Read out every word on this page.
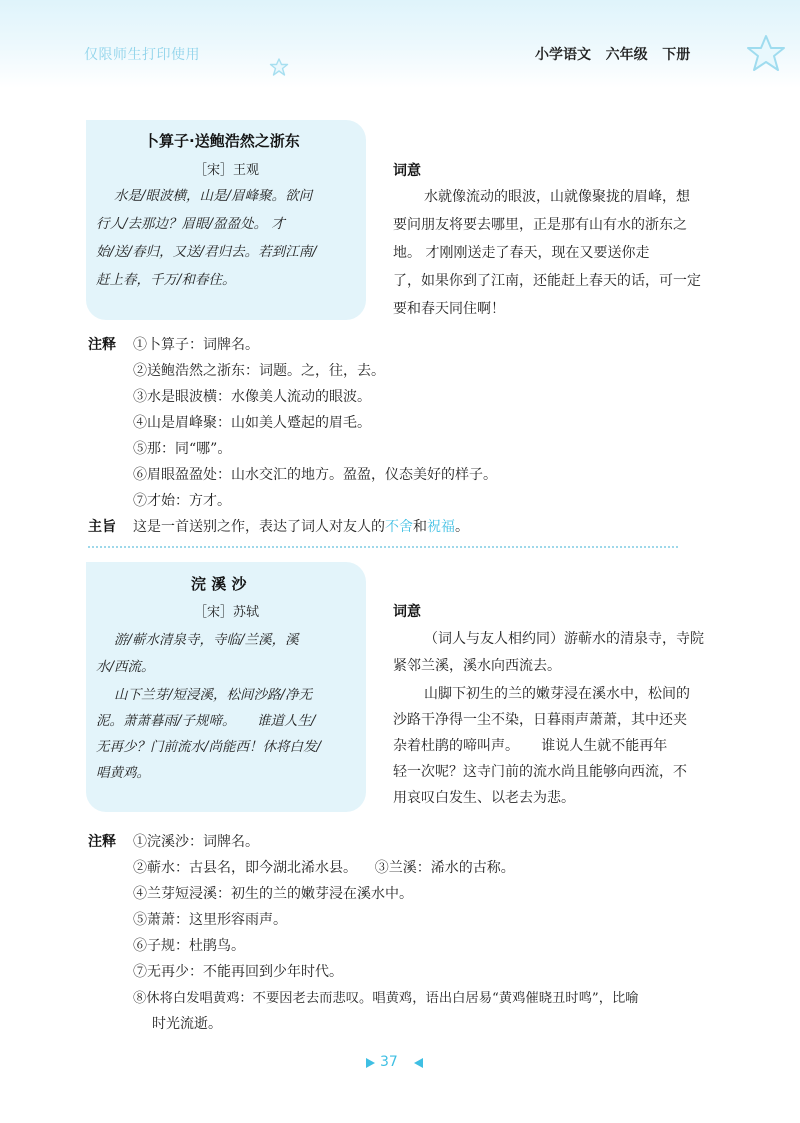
仅限师生打印使用	小学语文   六年级   下册
卜算子·送鲍浩然之浙东
［宋］王观
水是/眼波横，山是/眉峰聚。欲问
行人/去那边？眉眼/盈盈处。 才
始/送/春归，又送/君归去。若到江南/
赶上春，千万/和春住。
词意
水就像流动的眼波，山就像聚拢的眉峰，想
要问朋友将要去哪里，正是那有山有水的浙东之
地。 才刚刚送走了春天，现在又要送你走
了，如果你到了江南，还能赶上春天的话，可一定
要和春天同住啊！
注释 ①卜算子：词牌名。
②送鲍浩然之浙东：词题。之，往，去。
③水是眼波横：水像美人流动的眼波。
④山是眉峰聚：山如美人蹙起的眉毛。
⑤那：同“哪”。
⑥眉眼盈盈处：山水交汇的地方。盈盈，仪态美好的样子。
⑦才始：方才。
主旨 这是一首送别之作，表达了词人对友人的不舍和祝福。
浣 溪 沙
［宋］苏轼
游/蕲水清泉寺，寺临/兰溪，溪
水/西流。
山下兰芽/短浸溪，松间沙路/净无
泥。萧萧暮雨/子规啼。     谁道人生/
无再少？门前流水/尚能西！休将白发/
唱黄鸡。
词意
（词人与友人相约同）游蕲水的清泉寺，寺院
紧邻兰溪，溪水向西流去。
山脚下初生的兰的嫩芽浸在溪水中，松间的
沙路干净得一尘不染，日暮雨声萧萧，其中还夹
杂着杜鹃的啼叫声。     谁说人生就不能再年
轻一次呢？这寺门前的流水尚且能够向西流，不
用哀叹白发生、以老去为悲。
注释 ①浣溪沙：词牌名。
②蕲水：古县名，即今湖北浠水县。    ③兰溪：浠水的古称。
④兰芽短浸溪：初生的兰的嫩芽浸在溪水中。
⑤萧萧：这里形容雨声。
⑥子规：杜鹃鸟。
⑦无再少：不能再回到少年时代。
⑧休将白发唱黄鸡：不要因老去而悲叹。唱黄鸡，语出白居易“黄鸡催晓丑时鸣”，比喻
时光流逝。
37
